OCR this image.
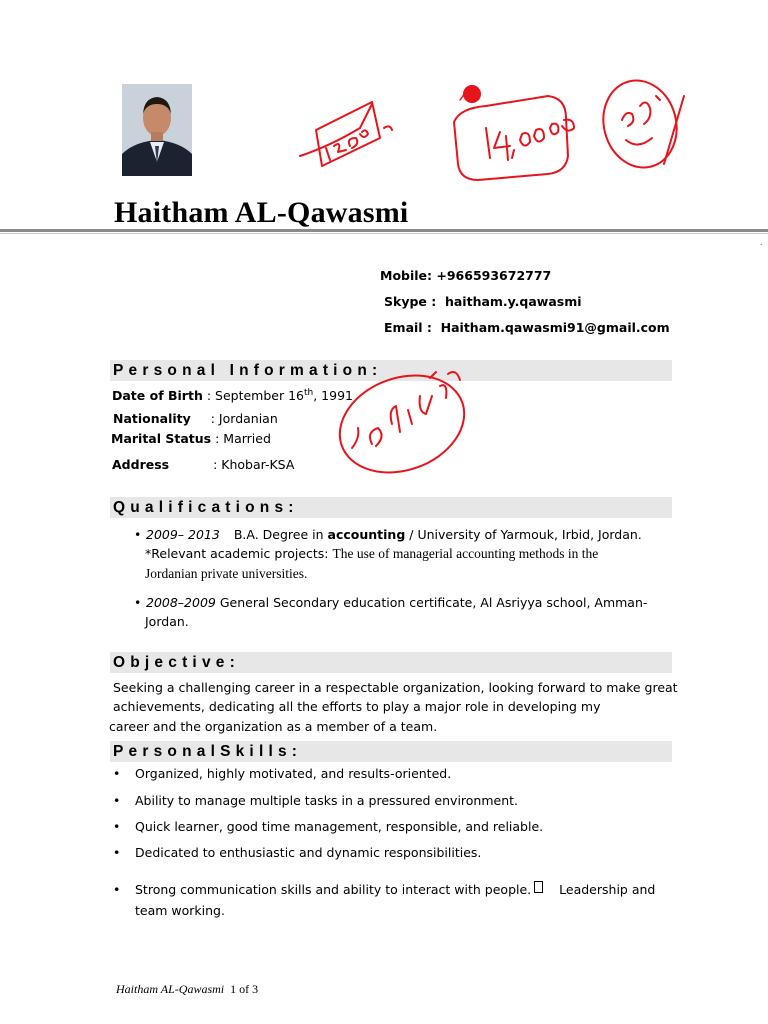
Haitham AL-Qawasmi
.
Mobile: +966593672777
Skype : haitham.y.qawasmi
Email : Haitham.qawasmi91@gmail.com
Personal Information:
Date of Birth : September 16th, 1991
Nationality : Jordanian
Marital Status : Married
Address	: Khobar-KSA
Qualifications:
• 2009– 2013 B.A. Degree in accounting / University of Yarmouk, Irbid, Jordan.
*Relevant academic projects: The use of managerial accounting methods in the
Jordanian private universities.
• 2008–2009 General Secondary education certificate, Al Asriyya school, Amman-
Jordan.
Objective:
Seeking a challenging career in a respectable organization, looking forward to make great
achievements, dedicating all the efforts to play a major role in developing my
career and the organization as a member of a team.
PersonalSkills:
• Organized, highly motivated, and results-oriented.
• Ability to manage multiple tasks in a pressured environment.
• Quick learner, good time management, responsible, and reliable.
• Dedicated to enthusiastic and dynamic responsibilities.
• Strong communication skills and ability to interact with people. Leadership and
team working.
Haitham AL-Qawasmi 1 of 3
